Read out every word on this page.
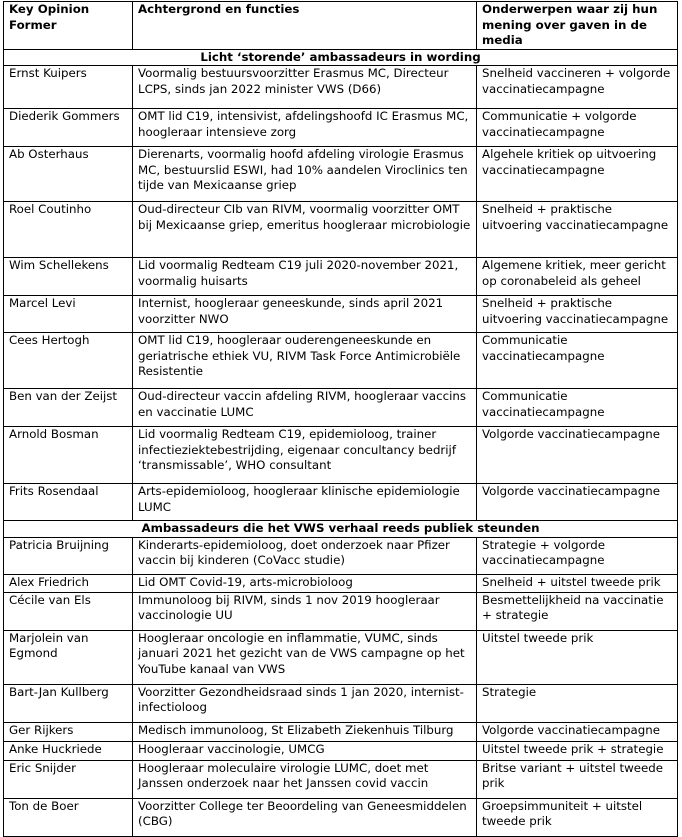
Key Opinion Former	Achtergrond en functies	Onderwerpen waar zij hun mening over gaven in de media
Licht ‘storende’ ambassadeurs in wording		
Ernst Kuipers	Voormalig bestuursvoorzitter Erasmus MC, Directeur LCPS, sinds jan 2022 minister VWS (D66)	Snelheid vaccineren + volgorde vaccinatiecampagne
Diederik Gommers	OMT lid C19, intensivist, afdelingshoofd IC Erasmus MC, hoogleraar intensieve zorg	Communicatie + volgorde vaccinatiecampagne
Ab Osterhaus	Dierenarts, voormalig hoofd afdeling virologie Erasmus MC, bestuurslid ESWI, had 10% aandelen Viroclinics ten tijde van Mexicaanse griep	Algehele kritiek op uitvoering vaccinatiecampagne
Roel Coutinho	Oud-directeur CIb van RIVM, voormalig voorzitter OMT bij Mexicaanse griep, emeritus hoogleraar microbiologie	Snelheid + praktische uitvoering vaccinatiecampagne
Wim Schellekens	Lid voormalig Redteam C19 juli 2020-november 2021, voormalig huisarts	Algemene kritiek, meer gericht op coronabeleid als geheel
Marcel Levi	Internist, hoogleraar geneeskunde, sinds april 2021 voorzitter NWO	Snelheid + praktische uitvoering vaccinatiecampagne
Cees Hertogh	OMT lid C19, hoogleraar ouderengeneeskunde en geriatrische ethiek VU, RIVM Task Force Antimicrobiële Resistentie	Communicatie vaccinatiecampagne
Ben van der Zeijst	Oud-directeur vaccin afdeling RIVM, hoogleraar vaccins en vaccinatie LUMC	Communicatie vaccinatiecampagne
Arnold Bosman	Lid voormalig Redteam C19, epidemioloog, trainer infectieziektebestrijding, eigenaar concultancy bedrijf ‘transmissable’, WHO consultant	Volgorde vaccinatiecampagne
Frits Rosendaal	Arts-epidemioloog, hoogleraar klinische epidemiologie LUMC	Volgorde vaccinatiecampagne
Ambassadeurs die het VWS verhaal reeds publiek steunden		
Patricia Bruijning	Kinderarts-epidemioloog, doet onderzoek naar Pfizer vaccin bij kinderen (CoVacc studie)	Strategie + volgorde vaccinatiecampagne
Alex Friedrich	Lid OMT Covid-19, arts-microbioloog	Snelheid + uitstel tweede prik
Cécile van Els	Immunoloog bij RIVM, sinds 1 nov 2019 hoogleraar vaccinologie UU	Besmettelijkheid na vaccinatie + strategie
Marjolein van Egmond	Hoogleraar oncologie en inflammatie, VUMC, sinds januari 2021 het gezicht van de VWS campagne op het YouTube kanaal van VWS	Uitstel tweede prik
Bart-Jan Kullberg	Voorzitter Gezondheidsraad sinds 1 jan 2020, internist-infectioloog	Strategie
Ger Rijkers	Medisch immunoloog, St Elizabeth Ziekenhuis Tilburg	Volgorde vaccinatiecampagne
Anke Huckriede	Hoogleraar vaccinologie, UMCG	Uitstel tweede prik + strategie
Eric Snijder	Hoogleraar moleculaire virologie LUMC, doet met Janssen onderzoek naar het Janssen covid vaccin	Britse variant + uitstel tweede prik
Ton de Boer	Voorzitter College ter Beoordeling van Geneesmiddelen (CBG)	Groepsimmuniteit + uitstel tweede prik
